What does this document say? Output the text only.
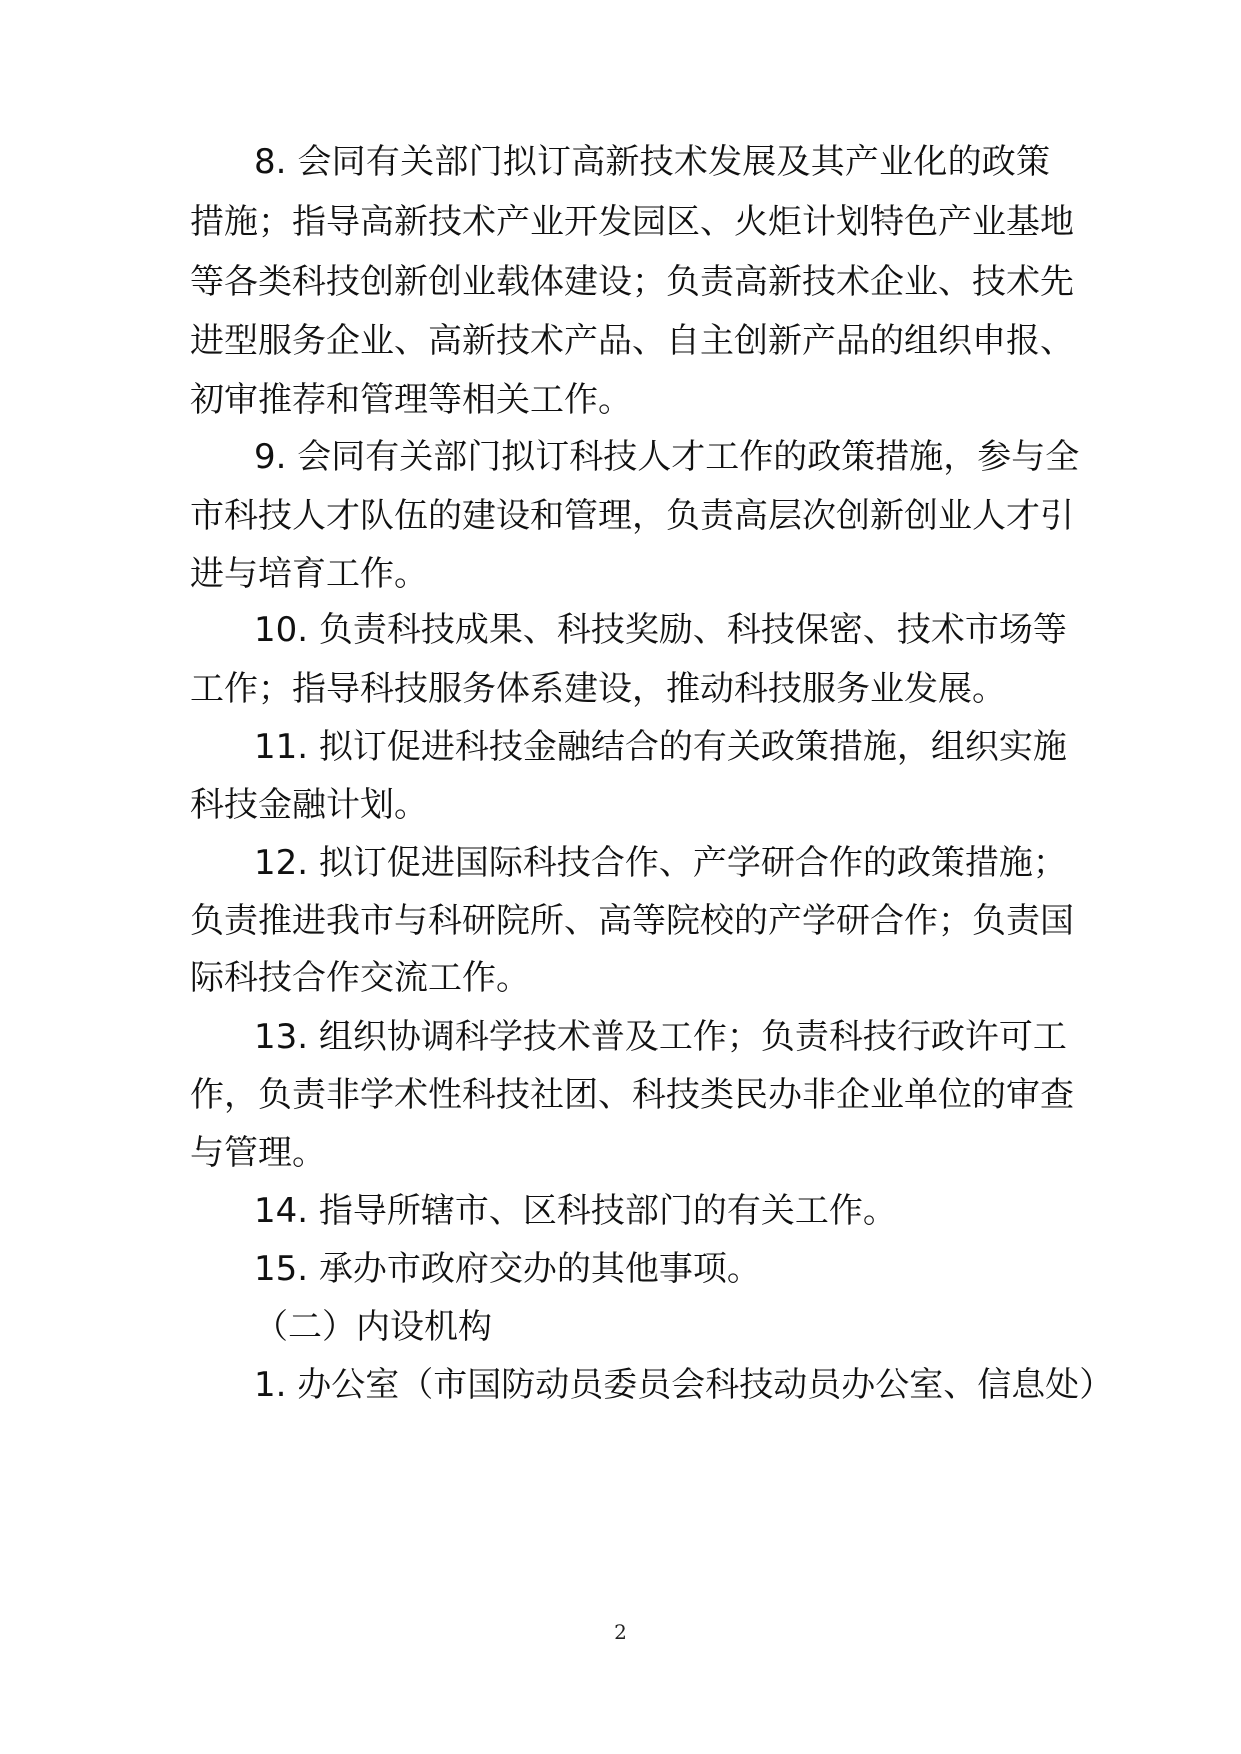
8. 会同有关部门拟订高新技术发展及其产业化的政策
措施；指导高新技术产业开发园区、火炬计划特色产业基地
等各类科技创新创业载体建设；负责高新技术企业、技术先
进型服务企业、高新技术产品、自主创新产品的组织申报、
初审推荐和管理等相关工作。
9. 会同有关部门拟订科技人才工作的政策措施，参与全
市科技人才队伍的建设和管理，负责高层次创新创业人才引
进与培育工作。
10. 负责科技成果、科技奖励、科技保密、技术市场等
工作；指导科技服务体系建设，推动科技服务业发展。
11. 拟订促进科技金融结合的有关政策措施，组织实施
科技金融计划。
12. 拟订促进国际科技合作、产学研合作的政策措施；
负责推进我市与科研院所、高等院校的产学研合作；负责国
际科技合作交流工作。
13. 组织协调科学技术普及工作；负责科技行政许可工
作，负责非学术性科技社团、科技类民办非企业单位的审查
与管理。
14. 指导所辖市、区科技部门的有关工作。
15. 承办市政府交办的其他事项。
（二）内设机构
1. 办公室（市国防动员委员会科技动员办公室、信息处）
2
